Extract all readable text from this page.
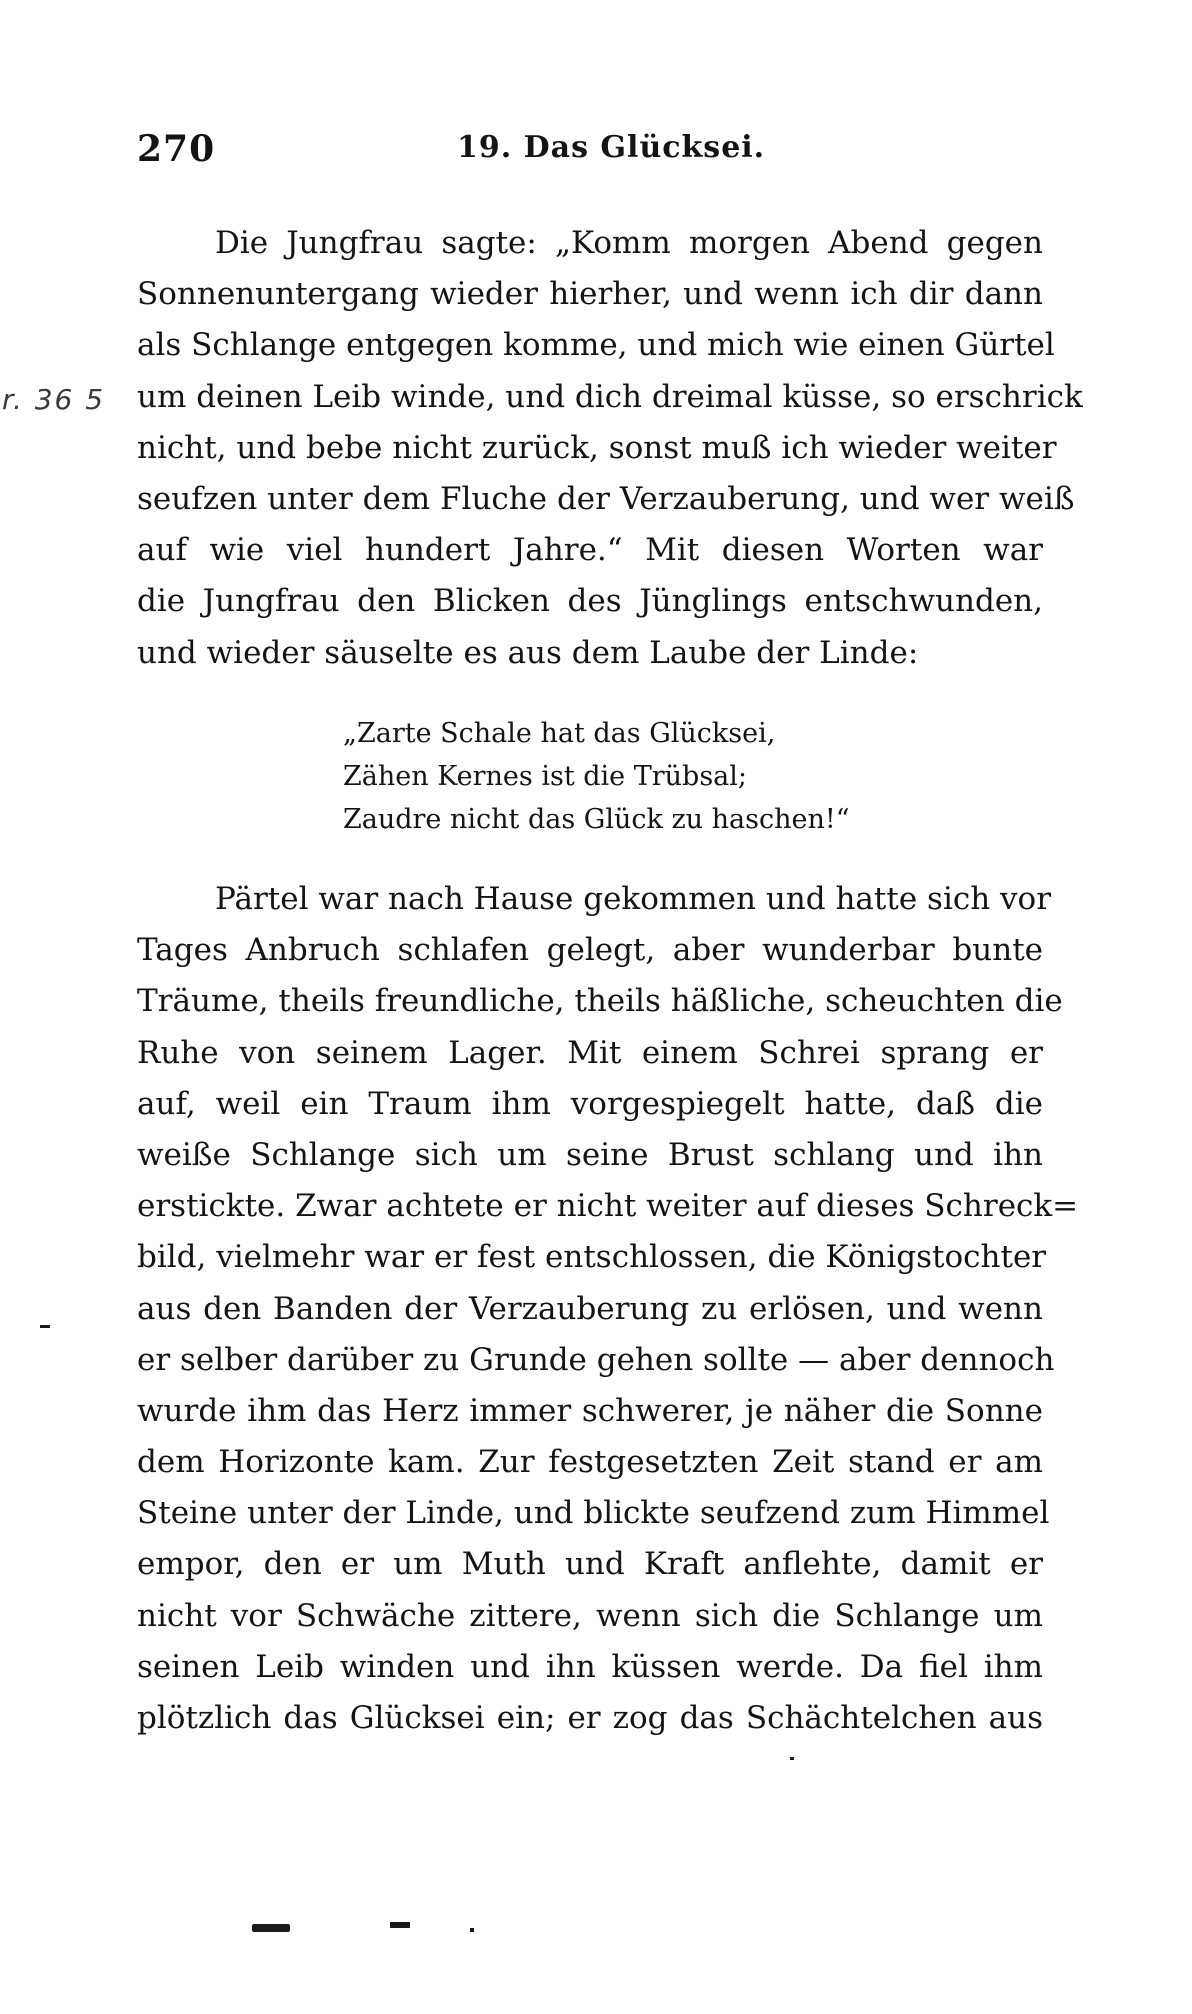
270	19. Das Glücksei.
r. 36 5
Die Jungfrau sagte: „Komm morgen Abend gegen
Sonnenuntergang wieder hierher, und wenn ich dir dann
als Schlange entgegen komme, und mich wie einen Gürtel
um deinen Leib winde, und dich dreimal küsse, so erschrick
nicht, und bebe nicht zurück, sonst muß ich wieder weiter
seufzen unter dem Fluche der Verzauberung, und wer weiß
auf wie viel hundert Jahre.“ Mit diesen Worten war
die Jungfrau den Blicken des Jünglings entschwunden,
und wieder säuselte es aus dem Laube der Linde:
„Zarte Schale hat das Glücksei,
Zähen Kernes ist die Trübsal;
Zaudre nicht das Glück zu haschen!“
Pärtel war nach Hause gekommen und hatte sich vor
Tages Anbruch schlafen gelegt, aber wunderbar bunte
Träume, theils freundliche, theils häßliche, scheuchten die
Ruhe von seinem Lager. Mit einem Schrei sprang er
auf, weil ein Traum ihm vorgespiegelt hatte, daß die
weiße Schlange sich um seine Brust schlang und ihn
erstickte. Zwar achtete er nicht weiter auf dieses Schreck=
bild, vielmehr war er fest entschlossen, die Königstochter
aus den Banden der Verzauberung zu erlösen, und wenn
er selber darüber zu Grunde gehen sollte — aber dennoch
wurde ihm das Herz immer schwerer, je näher die Sonne
dem Horizonte kam. Zur festgesetzten Zeit stand er am
Steine unter der Linde, und blickte seufzend zum Himmel
empor, den er um Muth und Kraft anflehte, damit er
nicht vor Schwäche zittere, wenn sich die Schlange um
seinen Leib winden und ihn küssen werde. Da fiel ihm
plötzlich das Glücksei ein; er zog das Schächtelchen aus
